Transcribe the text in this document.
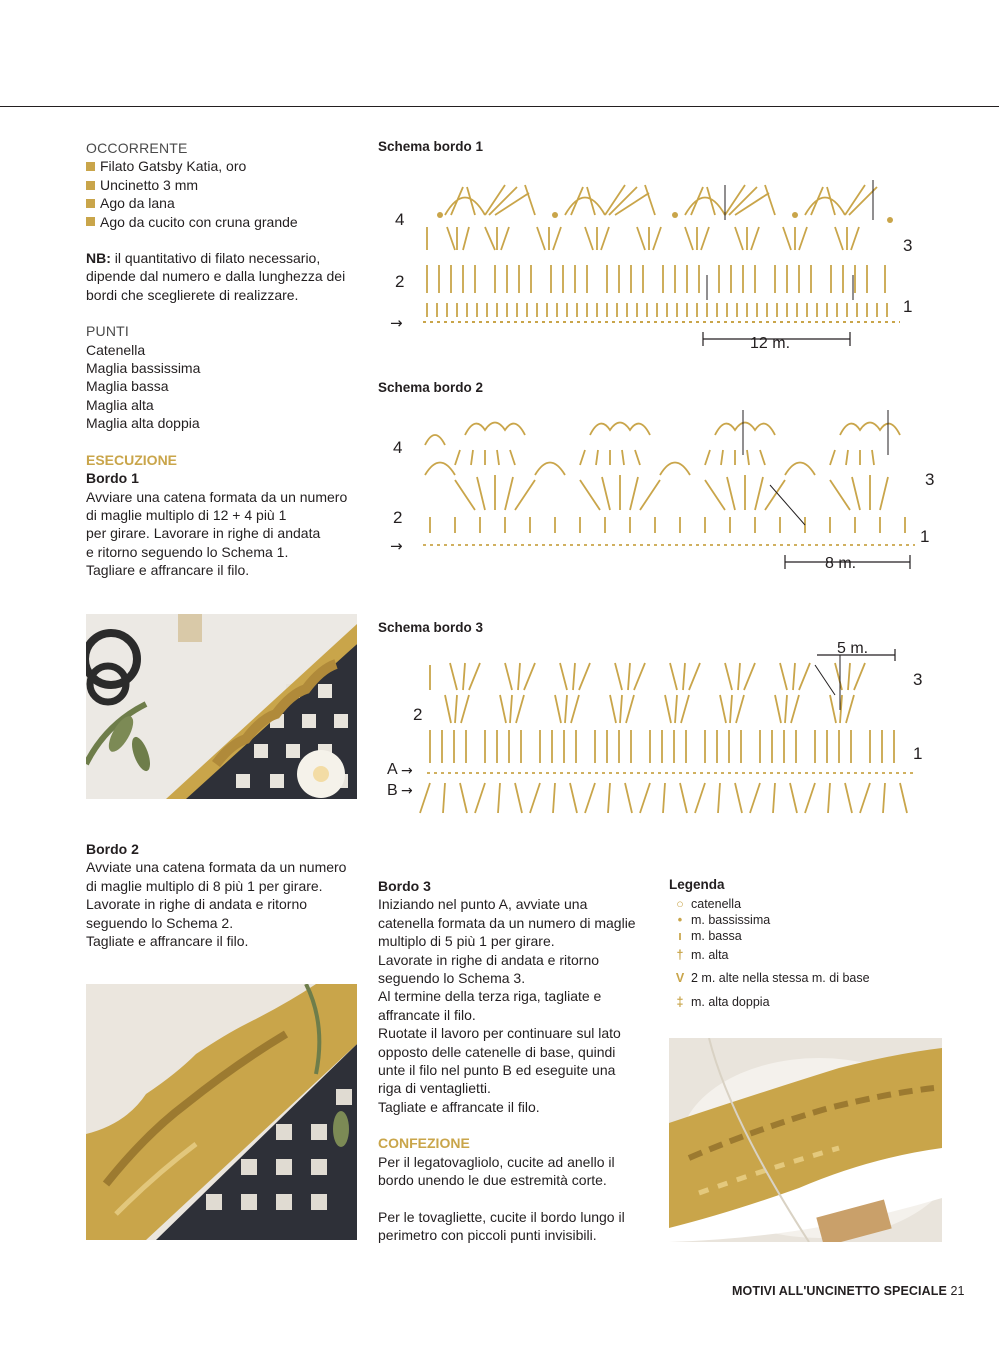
OCCORRENTE
Filato Gatsby Katia, oro
Uncinetto 3 mm
Ago da lana
Ago da cucito con cruna grande

NB: il quantitativo di filato necessario,

dipende dal numero e dalla lunghezza dei

bordi che sceglierete di realizzare.

PUNTI

Catenella

Maglia bassissima

Maglia bassa

Maglia alta

Maglia alta doppia

ESECUZIONE

Bordo 1

Avviare una catena formata da un numero

di maglie multiplo di 12 + 4 più 1

per girare. Lavorare in righe di andata

e ritorno seguendo lo Schema 1.

Tagliare e affrancare il filo.

Bordo 2

Avviate una catena formata da un numero

di maglie multiplo di 8 più 1 per girare.

Lavorate in righe di andata e ritorno

seguendo lo Schema 2.

Tagliate e affrancare il filo.

Schema bordo 1
Schema bordo 2
Schema bordo 3
4
3
2
1
→
12 m.
4
3
2
1
→
8 m.
5 m.
3
2
1
A
B
→
→

Bordo 3

Iniziando nel punto A, avviate una

catenella formata da un numero di maglie

multiplo di 5 più 1 per girare.

Lavorate in righe di andata e ritorno

seguendo lo Schema 3.

Al termine della terza riga, tagliate e

affrancate il filo.

Ruotate il lavoro per continuare sul lato

opposto delle catenelle di base, quindi

unte il filo nel punto B ed eseguite una

riga di ventaglietti.

Tagliate e affrancate il filo.

CONFEZIONE

Per il legatovagliolo, cucite ad anello il

bordo unendo le due estremità corte.

Per le tovagliette, cucite il bordo lungo il

perimetro con piccoli punti invisibili.

Legenda
○ catenella
• m. bassissima
ı m. bassa
† m. alta
V 2 m. alte nella stessa m. di base
‡ m. alta doppia
MOTIVI ALL'UNCINETTO SPECIALE 21
